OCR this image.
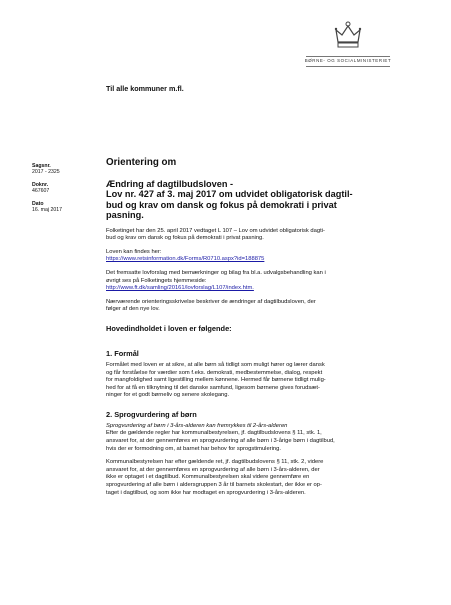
BØRNE- OG SOCIALMINISTERIET
Til alle kommuner m.fl.
Sagsnr.
2017 - 2325
Doknr.
467607
Dato
16. maj 2017
Orientering om
Ændring af dagtilbudsloven -
Lov nr. 427 af 3. maj 2017 om udvidet obligatorisk dagtil-
bud og krav om dansk og fokus på demokrati i privat
pasning.
Folketinget har den 25. april 2017 vedtaget L 107 – Lov om udvidet obligatorisk dagti-
bud og krav om dansk og fokus på demokrati i privat pasning.
Loven kan findes her:
https://www.retsinformation.dk/Forms/R0710.aspx?id=188875
Det fremsatte lovforslag med bemærkninger og bilag fra bl.a. udvalgsbehandling kan i
øvrigt ses på Folketingets hjemmeside:
http://www.ft.dk/samling/20161/lovforslag/L107/index.htm.
Nærværende orienteringsskrivelse beskriver de ændringer af dagtilbudsloven, der
følger af den nye lov.
Hovedindholdet i loven er følgende:
1. Formål
Formålet med loven er at sikre, at alle børn så tidligt som muligt hører og lærer dansk
og får forståelse for værdier som f.eks. demokrati, medbestemmelse, dialog, respekt
for mangfoldighed samt ligestilling mellem kønnene. Hermed får børnene tidligt mulig-
hed for at få en tilknytning til det danske samfund, ligesom børnene gives forudsæt-
ninger for et godt børneliv og senere skolegang.
2. Sprogvurdering af børn
Sprogvurdering af børn i 3-års-alderen kan fremrykkes til 2-års-alderen
Efter de gældende regler har kommunalbestyrelsen, jf. dagtilbudslovens § 11, stk. 1,
ansvaret for, at der gennemføres en sprogvurdering af alle børn i 3-årige børn i dagtilbud,
hvis der er formodning om, at barnet har behov for sprogstimulering.
Kommunalbestyrelsen har efter gældende ret, jf. dagtilbudslovens § 11, stk. 2, videre
ansvaret for, at der gennemføres en sprogvurdering af alle børn i 3-års-alderen, der
ikke er optaget i et dagtilbud. Kommunalbestyrelsen skal videre gennemføre en
sprogvurdering af alle børn i aldersgruppen 3 år til barnets skolestart, der ikke er op-
taget i dagtilbud, og som ikke har modtaget en sprogvurdering i 3-års-alderen.
